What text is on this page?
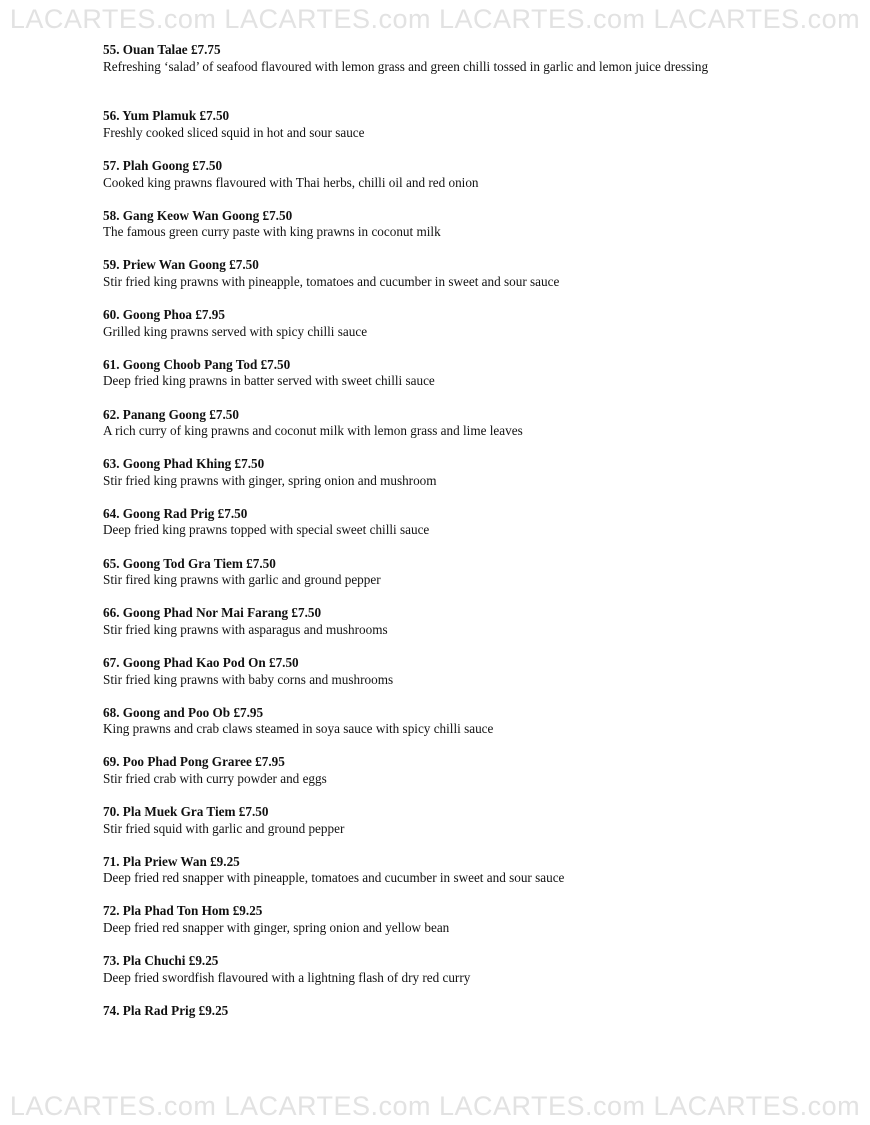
LACARTES.com LACARTES.com LACARTES.com LACARTES.com
55. Ouan Talae £7.75
Refreshing ‘salad’ of seafood flavoured with lemon grass and green chilli tossed in garlic and lemon juice dressing
56. Yum Plamuk £7.50
Freshly cooked sliced squid in hot and sour sauce
57. Plah Goong £7.50
Cooked king prawns flavoured with Thai herbs, chilli oil and red onion
58. Gang Keow Wan Goong £7.50
The famous green curry paste with king prawns in coconut milk
59. Priew Wan Goong £7.50
Stir fried king prawns with pineapple, tomatoes and cucumber in sweet and sour sauce
60. Goong Phoa £7.95
Grilled king prawns served with spicy chilli sauce
61. Goong Choob Pang Tod £7.50
Deep fried king prawns in batter served with sweet chilli sauce
62. Panang Goong £7.50
A rich curry of king prawns and coconut milk with lemon grass and lime leaves
63. Goong Phad Khing £7.50
Stir fried king prawns with ginger, spring onion and mushroom
64. Goong Rad Prig £7.50
Deep fried king prawns topped with special sweet chilli sauce
65. Goong Tod Gra Tiem £7.50
Stir fired king prawns with garlic and ground pepper
66. Goong Phad Nor Mai Farang £7.50
Stir fried king prawns with asparagus and mushrooms
67. Goong Phad Kao Pod On £7.50
Stir fried king prawns with baby corns and mushrooms
68. Goong and Poo Ob £7.95
King prawns and crab claws steamed in soya sauce with spicy chilli sauce
69. Poo Phad Pong Graree £7.95
Stir fried crab with curry powder and eggs
70. Pla Muek Gra Tiem £7.50
Stir fried squid with garlic and ground pepper
71. Pla Priew Wan £9.25
Deep fried red snapper with pineapple, tomatoes and cucumber in sweet and sour sauce
72. Pla Phad Ton Hom £9.25
Deep fried red snapper with ginger, spring onion and yellow bean
73. Pla Chuchi £9.25
Deep fried swordfish flavoured with a lightning flash of dry red curry
74. Pla Rad Prig £9.25
LACARTES.com LACARTES.com LACARTES.com LACARTES.com
